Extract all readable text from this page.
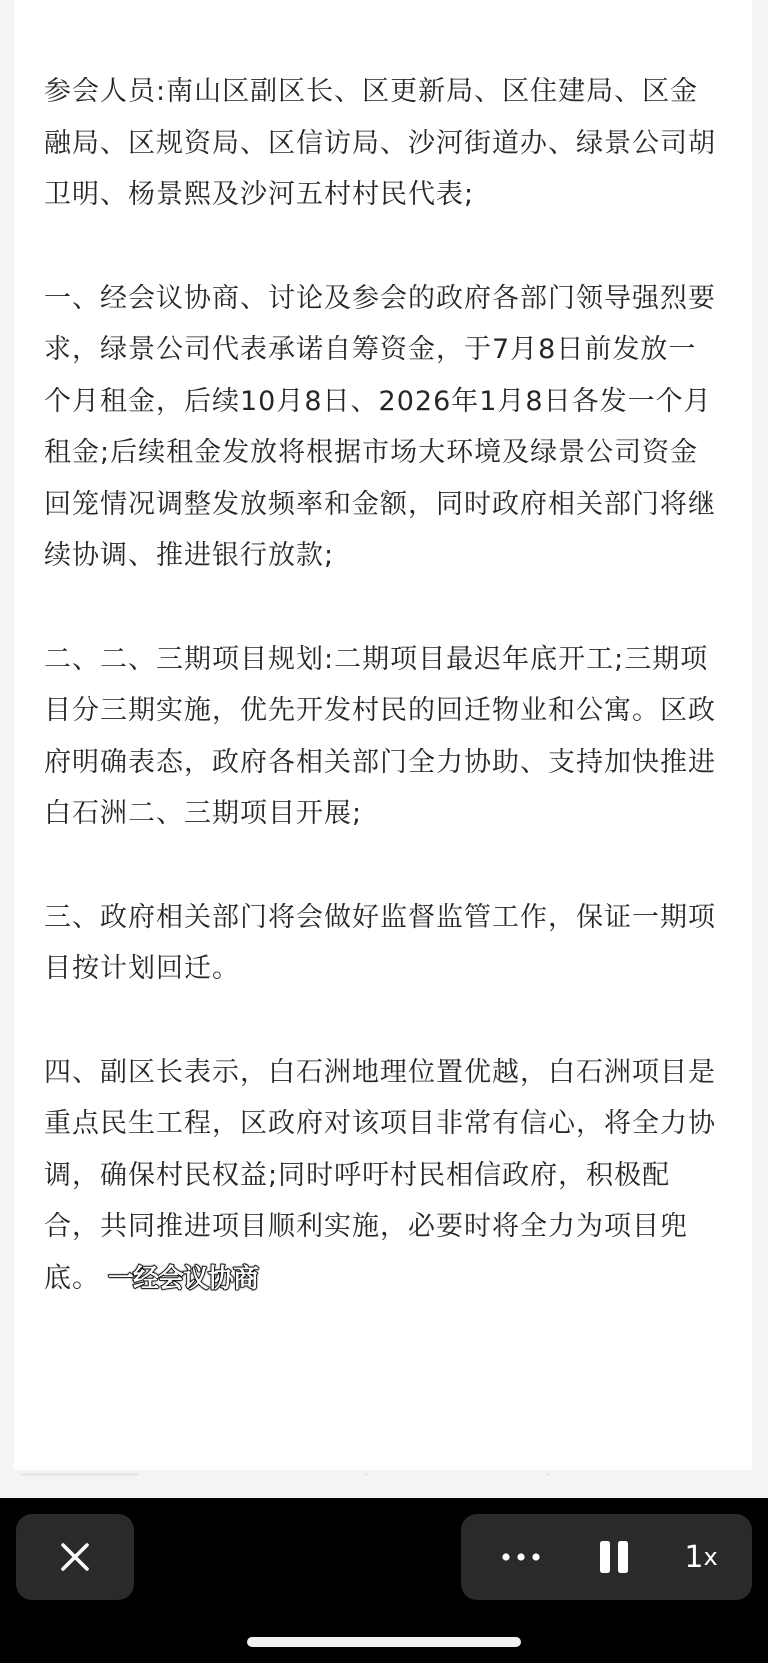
参会人员:南山区副区长、区更新局、区住建局、区金融局、区规资局、区信访局、沙河街道办、绿景公司胡卫明、杨景熙及沙河五村村民代表;

一、经会议协商、讨论及参会的政府各部门领导强烈要求，绿景公司代表承诺自筹资金，于7月8日前发放一个月租金，后续10月8日、2026年1月8日各发一个月租金;后续租金发放将根据市场大环境及绿景公司资金回笼情况调整发放频率和金额，同时政府相关部门将继续协调、推进银行放款;

二、二、三期项目规划:二期项目最迟年底开工;三期项目分三期实施，优先开发村民的回迁物业和公寓。区政府明确表态，政府各相关部门全力协助、支持加快推进白石洲二、三期项目开展;

三、政府相关部门将会做好监督监管工作，保证一期项目按计划回迁。

四、副区长表示，白石洲地理位置优越，白石洲项目是重点民生工程，区政府对该项目非常有信心，将全力协调，确保村民权益;同时呼吁村民相信政府，积极配合，共同推进项目顺利实施，必要时将全力为项目兜底。 一经会议协商

1 x
